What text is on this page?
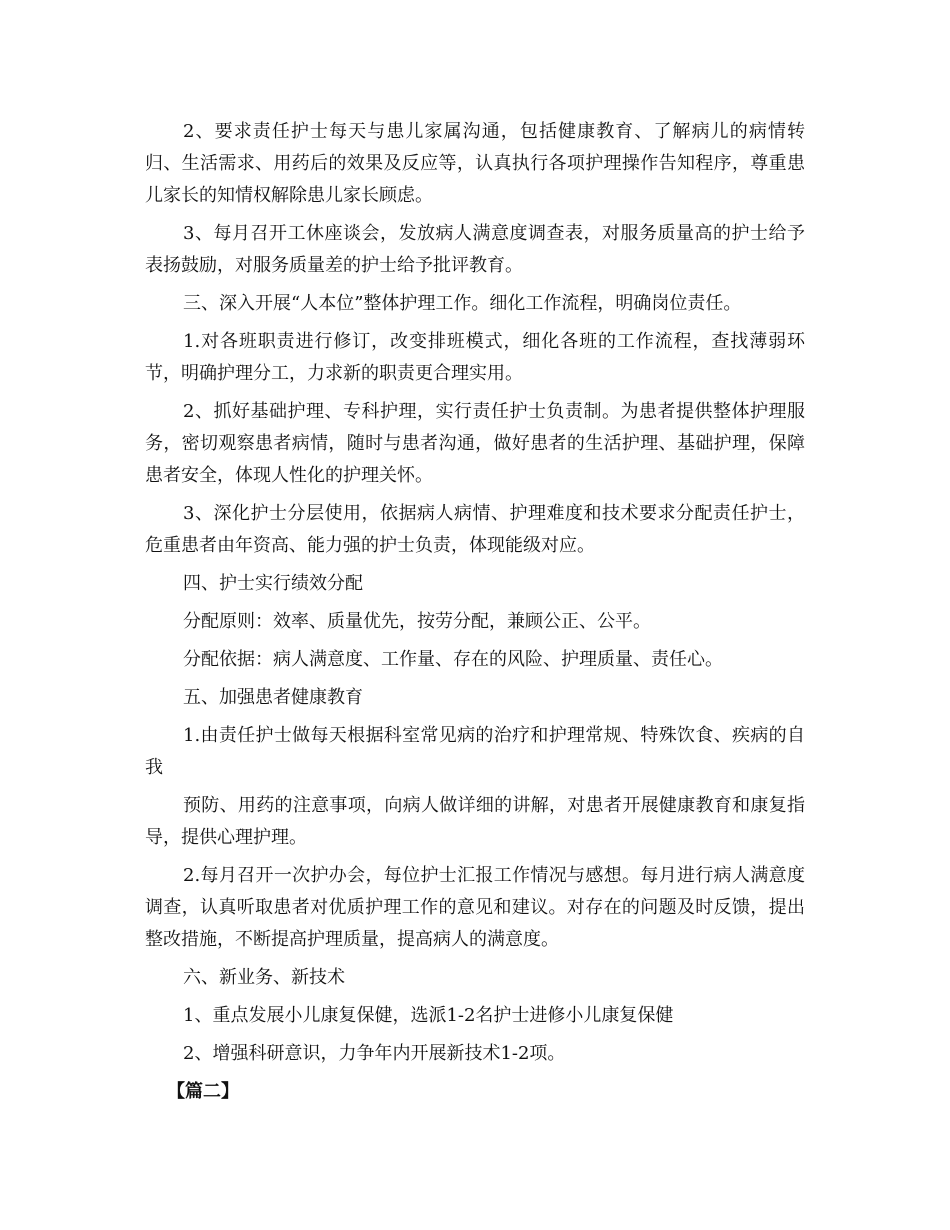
2、要求责任护士每天与患儿家属沟通，包括健康教育、了解病儿的病情转归、生活需求、用药后的效果及反应等，认真执行各项护理操作告知程序，尊重患儿家长的知情权解除患儿家长顾虑。

3、每月召开工休座谈会，发放病人满意度调查表，对服务质量高的护士给予表扬鼓励，对服务质量差的护士给予批评教育。

三、深入开展“人本位”整体护理工作。细化工作流程，明确岗位责任。

1.对各班职责进行修订，改变排班模式，细化各班的工作流程，查找薄弱环节，明确护理分工，力求新的职责更合理实用。

2、抓好基础护理、专科护理，实行责任护士负责制。为患者提供整体护理服务，密切观察患者病情，随时与患者沟通，做好患者的生活护理、基础护理，保障患者安全，体现人性化的护理关怀。

3、深化护士分层使用，依据病人病情、护理难度和技术要求分配责任护士，危重患者由年资高、能力强的护士负责，体现能级对应。

四、护士实行绩效分配

分配原则：效率、质量优先，按劳分配，兼顾公正、公平。

分配依据：病人满意度、工作量、存在的风险、护理质量、责任心。

五、加强患者健康教育

1.由责任护士做每天根据科室常见病的治疗和护理常规、特殊饮食、疾病的自我

预防、用药的注意事项，向病人做详细的讲解，对患者开展健康教育和康复指导，提供心理护理。

2.每月召开一次护办会，每位护士汇报工作情况与感想。每月进行病人满意度调查，认真听取患者对优质护理工作的意见和建议。对存在的问题及时反馈，提出整改措施，不断提高护理质量，提高病人的满意度。

六、新业务、新技术

1、重点发展小儿康复保健，选派1-2名护士进修小儿康复保健

2、增强科研意识，力争年内开展新技术1-2项。

【篇二】
